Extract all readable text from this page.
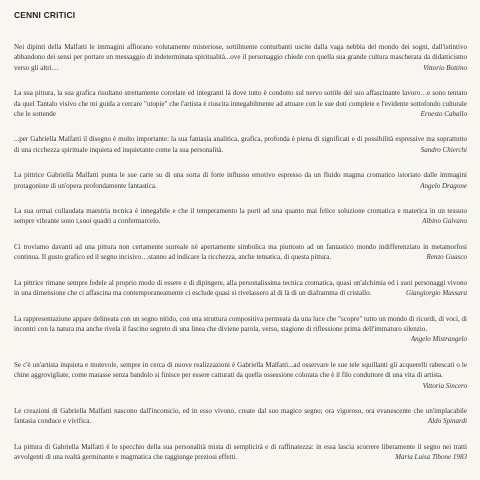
CENNI CRITICI
Nei dipinti della Malfatti le immagini affiorano volutamente misteriose, sottilmente conturbanti uscite dalla vaga nebbia del mondo dei sogni, dall'istintivo abbandono dei sensi per portare un messaggio di indeterminata spiritualità...ove il personaggio chiede con quella sua grande cultura mascherata da didatticismo verso gli altri…	Vittorio Bottino
La sua pittura, la sua grafica risultano strettamente correlate ed integranti là dove tutto è condotto sul nervo sottile del suo affascinante lavoro…e sono tentato da quel Tantalo visivo che mi guida a cercare "utopie" che l'artista è riuscita innegabilmente ad attuare con le sue doti complete e l'evidente sottofondo culturale che le sottende	Ernesto Caballo
...per Gabriella Malfatti il disegno è molto importante: la sua fantasia analitica, grafica, profonda è piena di significati e di possibilità espressive ma soprattutto di una ricchezza spirituale inquieta ed inquietante come la sua personalità.	Sandro Chierchi
La pittrice Gabriella Malfatti punta le sue carte su di una sorta di forte influsso emotivo espresso da un fluido magma cromatico istoriato dalle immagini protagoniste di un'opera profondamente fantastica.	Angelo Dragone
La sua ormai collaudata maestria tecnica è innegabile e che il temperamento la porti ad una quanto mai felice soluzione cromatica e materica in un tessuto sempre vibrante sono i,suoi quadri a confermarcelo.	Albino Galvano
Ci troviamo davanti ad una pittura non certamente surreale nè apertamente simbolica ma piuttosto ad un fantastico mondo indifferenziato in metamorfosi continua. Il gusto grafico ed il segno incisivo…stanno ad indicare la ricchezza, anche tematica, di questa pittura.	Renzo Guasco
La pittrice rimane sempre fedele al proprio modo di essere e di dipingere, alla personalissima tecnica cromatica, quasi un'alchimia ed i suoi personaggi vivono in una dimensione che ci affascina ma contemporaneamente ci esclude quasi si rivelassero al di là di un diaframma di cristallo.	Giangiorgio Massara
La rappresentazione appare delineata con un segno nitido, con una struttura compositiva permeata da una luce che "scopre" tutto un mondo di ricordi, di voci, di incontri con la natura ma anche rivela il fascino segreto di una linea che diviene parola, verso, stagione di riflessione prima dell'immaturo silenzio.
Angelo Mistrangelo
Se c'è un'artista inquieta e mutevole, sempre in cerca di nuove realizzazioni è Gabriella Malfatti...ad osservare le sue tele squillanti gli acquerelli rabescati o le chine aggrovigliate, come matasse senza bandolo si finisce per essere catturati da quella ossessione colorata che è il filo conduttore di una vita di artista.
Vittoria Sincero
Le creazioni di Gabriella Malfatti nascono dall'inconscio, ed in esso vivono, create dal suo magico segno; ora vigoroso, ora evanescente che un'implacabile fantasia conduce e vivifica.	Aldo Spinardi
La pittura di Gabriella Malfatti è lo specchio della sua personalità mista di semplicità e di raffinatezza: in essa lascia scorrere liberamente il segno nei tratti avvolgenti di una realtà germinante e magmatica che raggiunge preziosi effetti.	Maria Luisa Tibone 1983
